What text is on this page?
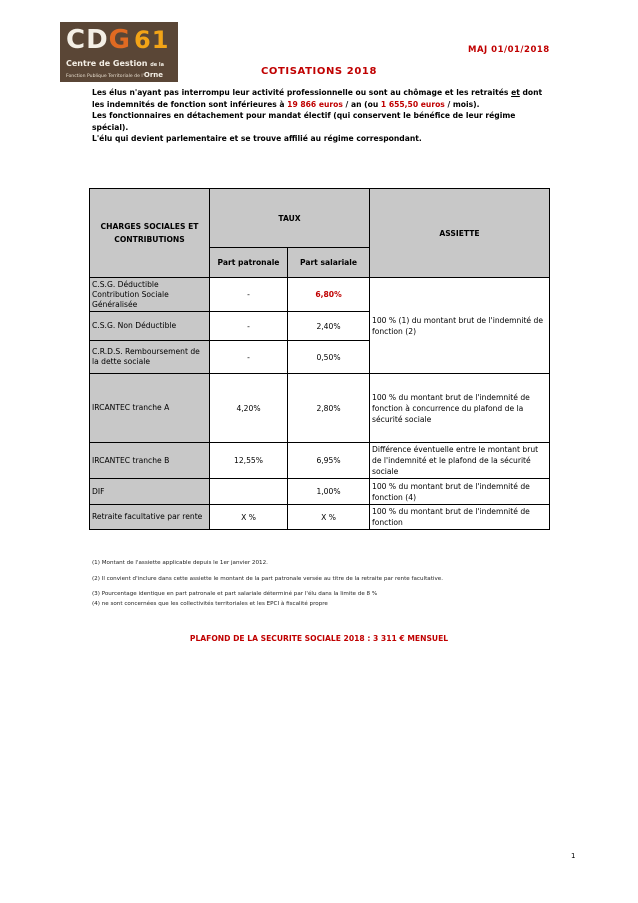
CDG 61
Centre de Gestion de la
Fonction Publique Territoriale de l'Orne
MAJ 01/01/2018
COTISATIONS 2018

Les élus n'ayant pas interrompu leur activité professionnelle ou sont au chômage et les retraités et dont les indemnités de fonction sont inférieures à 19 866 euros / an (ou 1 655,50 euros / mois).

Les fonctionnaires en détachement pour mandat électif (qui conservent le bénéfice de leur régime spécial).

L'élu qui devient parlementaire et se trouve affilié au régime correspondant.

CHARGES SOCIALES ET CONTRIBUTIONS	TAUX		ASSIETTE
	Part patronale	Part salariale	
C.S.G. Déductible Contribution Sociale Généralisée	-	6,80%	100 % (1) du montant brut de l'indemnité de fonction (2)
C.S.G. Non Déductible	-	2,40%	
C.R.D.S. Remboursement de la dette sociale	-	0,50%	
IRCANTEC tranche A	4,20%	2,80%	100 % du montant brut de l'indemnité de fonction à concurrence du plafond de la sécurité sociale
IRCANTEC tranche B	12,55%	6,95%	Différence éventuelle entre le montant brut de l'indemnité et le plafond de la sécurité sociale
DIF		1,00%	100 % du montant brut de l'indemnité de fonction (4)
Retraite facultative par rente	X %	X %	100 % du montant brut de l'indemnité de fonction
(1) Montant de l'assiette applicable depuis le 1er janvier 2012.
(2) Il convient d'inclure dans cette assiette le montant de la part patronale versée au titre de la retraite par rente facultative.
(3) Pourcentage identique en part patronale et part salariale déterminé par l'élu dans la limite de 8 %
(4) ne sont concernées que les collectivités territoriales et les EPCI à fiscalité propre
PLAFOND DE LA SECURITE SOCIALE 2018 : 3 311 € MENSUEL
1
